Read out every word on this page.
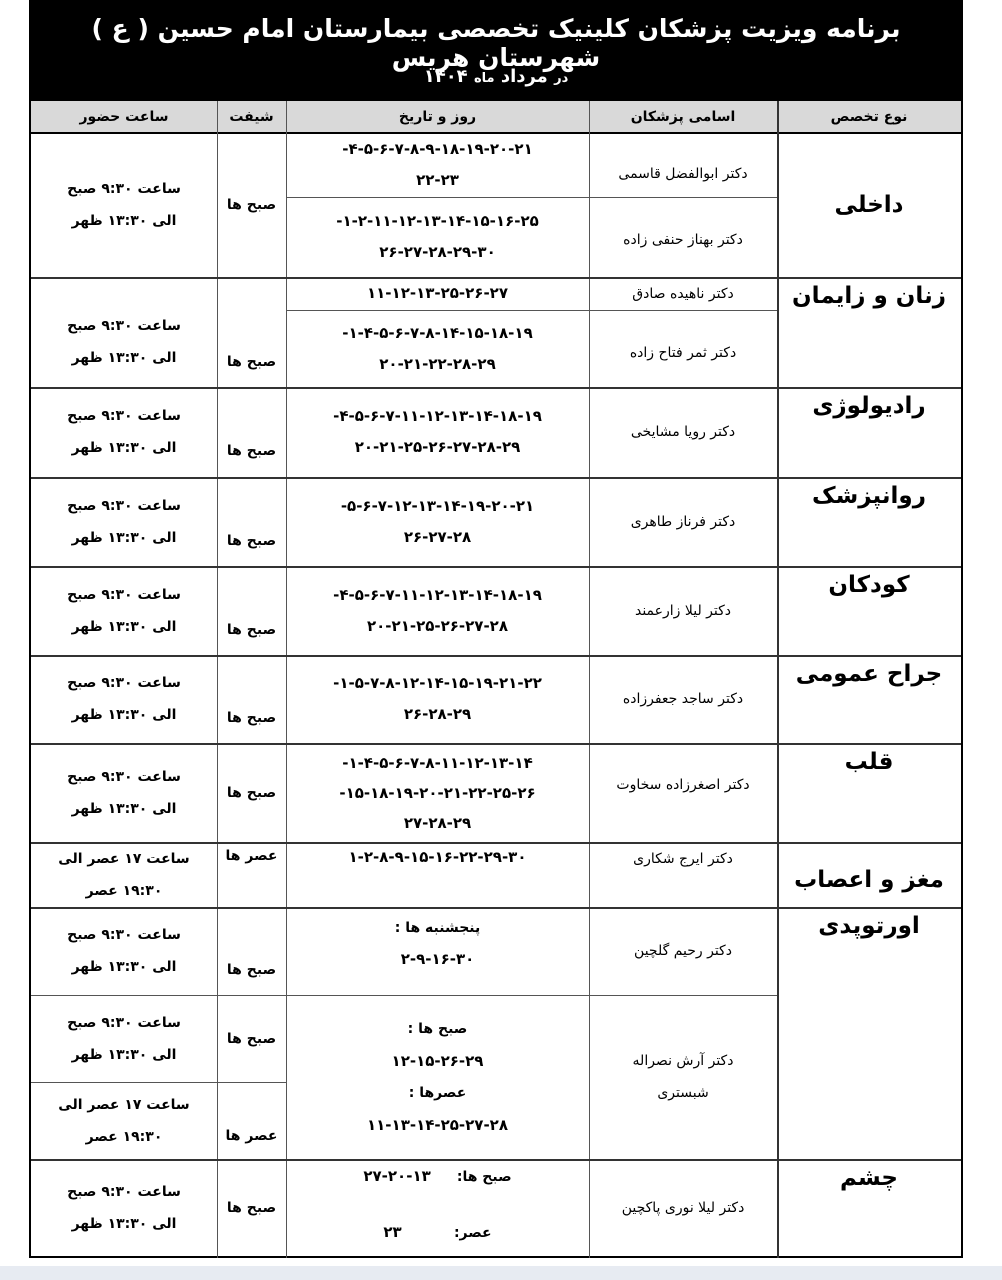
برنامه ویزیت پزشکان کلینیک تخصصی بیمارستان امام حسین ( ع ) شهرستان هریس
در مرداد ماه ۱۴۰۴
نوع تخصص
اسامی پزشکان
روز و تاریخ
شیفت
ساعت حضور
داخلی
دکتر ابوالفضل قاسمی
۴-۵-۶-۷-۸-۹-۱۸-۱۹-۲۰-۲۱-
۲۲-۲۳
دکتر بهناز حنفی زاده
۱-۲-۱۱-۱۲-۱۳-۱۴-۱۵-۱۶-۲۵-
۲۶-۲۷-۲۸-۲۹-۳۰
صبح ها
ساعت ۹:۳۰ صبح
الی ۱۳:۳۰ ظهر
زنان و زایمان
دکتر ناهیده صادق
۱۱-۱۲-۱۳-۲۵-۲۶-۲۷
دکتر ثمر فتاح زاده
۱-۴-۵-۶-۷-۸-۱۴-۱۵-۱۸-۱۹-
۲۰-۲۱-۲۲-۲۸-۲۹
صبح ها
ساعت ۹:۳۰ صبح
الی ۱۳:۳۰ ظهر
رادیولوژی
دکتر رویا مشایخی
۴-۵-۶-۷-۱۱-۱۲-۱۳-۱۴-۱۸-۱۹-
۲۰-۲۱-۲۵-۲۶-۲۷-۲۸-۲۹
صبح ها
ساعت ۹:۳۰ صبح
الی ۱۳:۳۰ ظهر
روانپزشک
دکتر فرناز طاهری
۵-۶-۷-۱۲-۱۳-۱۴-۱۹-۲۰-۲۱-
۲۶-۲۷-۲۸
صبح ها
ساعت ۹:۳۰ صبح
الی ۱۳:۳۰ ظهر
کودکان
دکتر لیلا زارعمند
۴-۵-۶-۷-۱۱-۱۲-۱۳-۱۴-۱۸-۱۹-
۲۰-۲۱-۲۵-۲۶-۲۷-۲۸
صبح ها
ساعت ۹:۳۰ صبح
الی ۱۳:۳۰ ظهر
جراح عمومی
دکتر ساجد جعفرزاده
۱-۵-۷-۸-۱۲-۱۴-۱۵-۱۹-۲۱-۲۲-
۲۶-۲۸-۲۹
صبح ها
ساعت ۹:۳۰ صبح
الی ۱۳:۳۰ ظهر
قلب
دکتر اصغرزاده سخاوت
۱-۴-۵-۶-۷-۸-۱۱-۱۲-۱۳-۱۴-
۱۵-۱۸-۱۹-۲۰-۲۱-۲۲-۲۵-۲۶-
۲۷-۲۸-۲۹
صبح ها
ساعت ۹:۳۰ صبح
الی ۱۳:۳۰ ظهر
مغز و اعصاب
دکتر ایرج شکاری
۱-۲-۸-۹-۱۵-۱۶-۲۲-۲۹-۳۰
عصر ها
ساعت ۱۷ عصر الی
۱۹:۳۰ عصر
اورتوپدی
دکتر رحیم گلچین
پنجشنبه ها :
۲-۹-۱۶-۳۰
صبح ها
ساعت ۹:۳۰ صبح
الی ۱۳:۳۰ ظهر
دکتر آرش نصراله
شبستری
صبح ها :
۱۲-۱۵-۲۶-۲۹
عصرها :
۱۱-۱۳-۱۴-۲۵-۲۷-۲۸
صبح ها
ساعت ۹:۳۰ صبح
الی ۱۳:۳۰ ظهر
عصر ها
ساعت ۱۷ عصر الی
۱۹:۳۰ عصر
چشم
دکتر لیلا نوری پاکچین
صبح ها:     ۱۳-۲۰-۲۷
عصر:          ۲۳
صبح ها
ساعت ۹:۳۰ صبح
الی ۱۳:۳۰ ظهر
